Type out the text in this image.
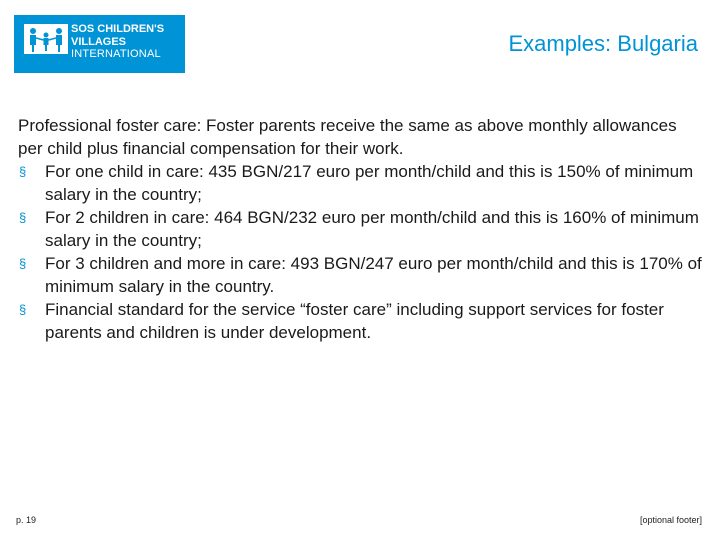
SOS CHILDREN'S
VILLAGES
INTERNATIONAL	Examples: Bulgaria

Professional foster care: Foster parents receive the same as above monthly allowances per child plus financial compensation for their work.

§ For one child in care: 435 BGN/217 euro per month/child and this is 150% of minimum salary in the country;
§ For 2 children in care: 464 BGN/232 euro per month/child and this is 160% of minimum salary in the country;
§ For 3 children and more in care: 493 BGN/247 euro per month/child and this is 170% of minimum salary in the country.
§ Financial standard for the service “foster care” including support services for foster parents and children is under development.
p. 19	[optional footer]
